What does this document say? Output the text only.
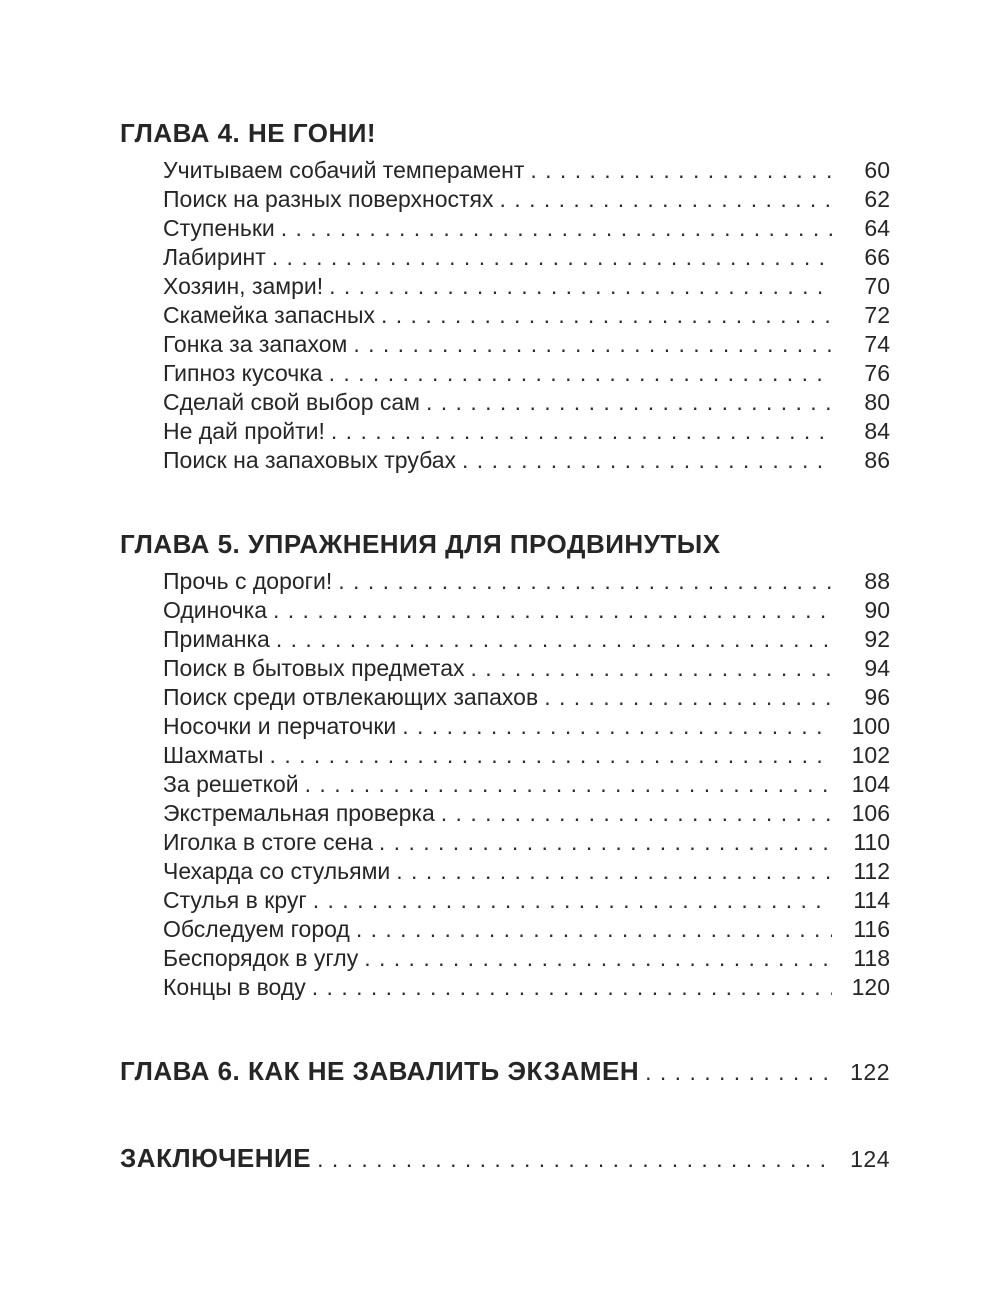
ГЛАВА 4. НЕ ГОНИ!
Учитываем собачий темперамент . . .	60
Поиск на разных поверхностях . . .	62
Ступеньки . . .	64
Лабиринт . . .	66
Хозяин, замри! . . .	70
Скамейка запасных . . .	72
Гонка за запахом . . .	74
Гипноз кусочка . . .	76
Сделай свой выбор сам . . .	80
Не дай пройти! . . .	84
Поиск на запаховых трубах . . .	86
ГЛАВА 5. УПРАЖНЕНИЯ ДЛЯ ПРОДВИНУТЫХ
Прочь с дороги! . . .	88
Одиночка . . .	90
Приманка . . .	92
Поиск в бытовых предметах . . .	94
Поиск среди отвлекающих запахов . . .	96
Носочки и перчаточки . . .	100
Шахматы . . .	102
За решеткой . . .	104
Экстремальная проверка . . .	106
Иголка в стоге сена . . .	110
Чехарда со стульями . . .	112
Стулья в круг . . .	114
Обследуем город . . .	116
Беспорядок в углу . . .	118
Концы в воду . . .	120
ГЛАВА 6. КАК НЕ ЗАВАЛИТЬ ЭКЗАМЕН . . .	122
ЗАКЛЮЧЕНИЕ . . .	124
